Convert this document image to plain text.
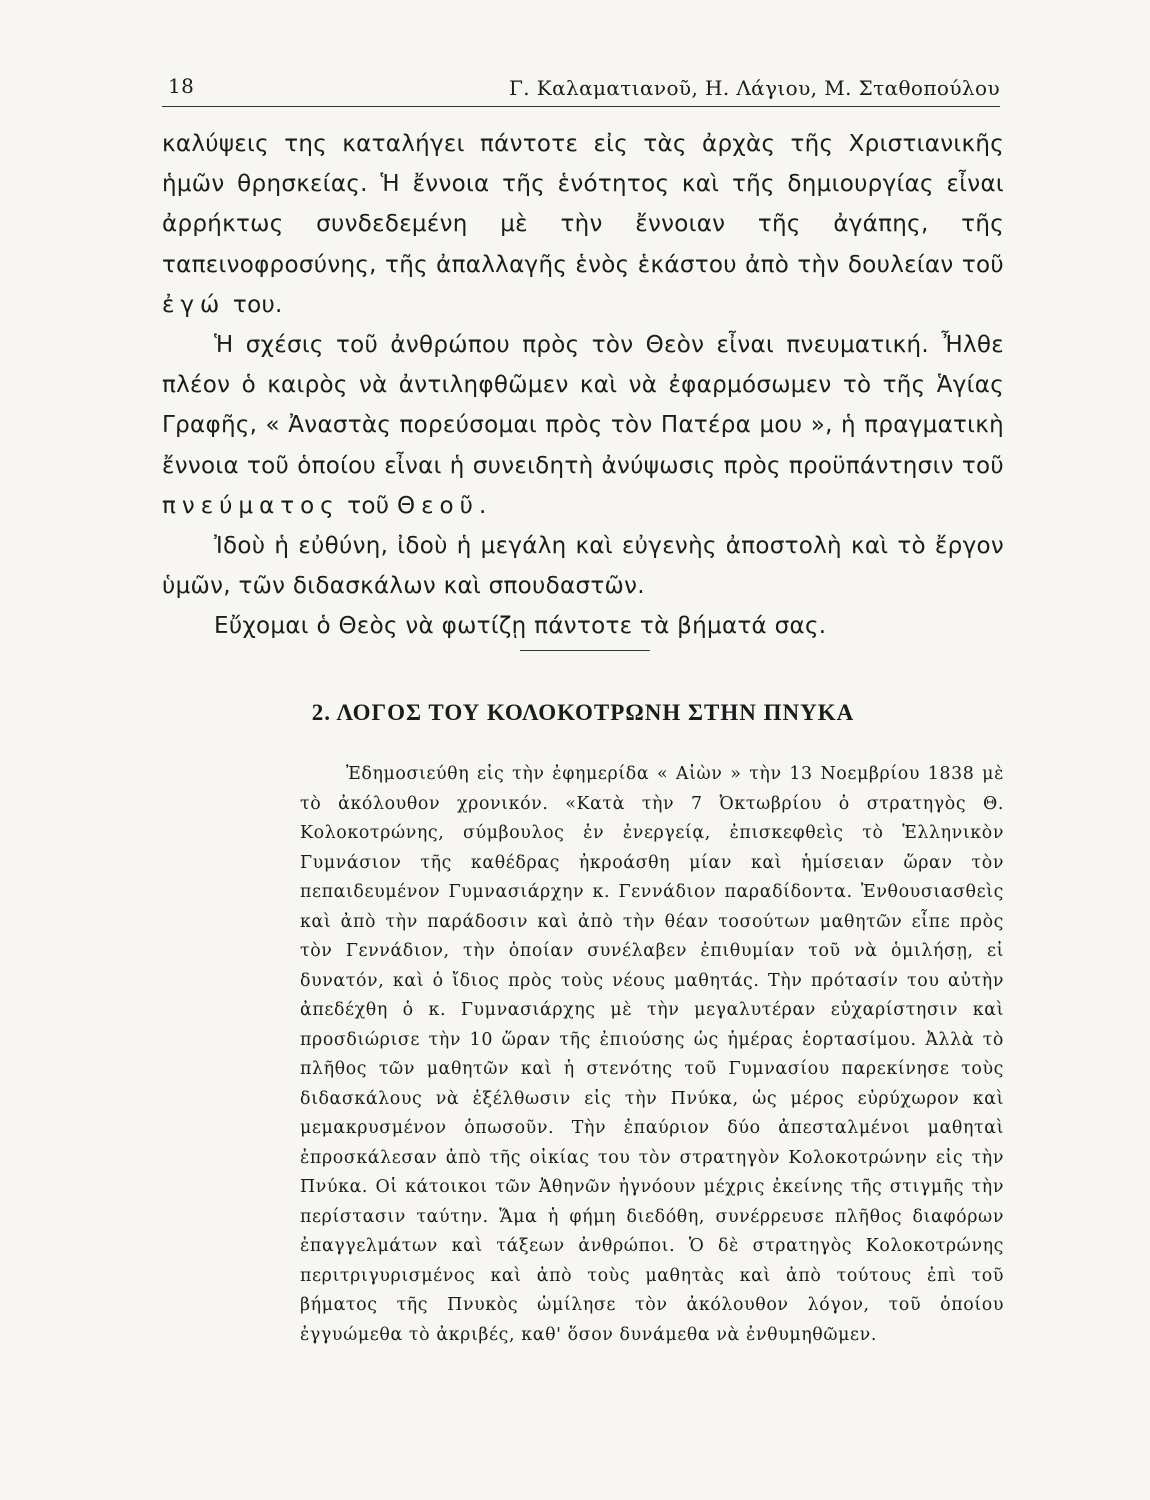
18	Γ. Καλαματιανοῦ, Η. Λάγιου, Μ. Σταθοπούλου

καλύψεις της καταλήγει πάντοτε εἰς τὰς ἀρχὰς τῆς Χριστιανικῆς ἡμῶν θρησκείας. Ἡ ἔννοια τῆς ἑνότητος καὶ τῆς δημιουργίας εἶναι ἀρρήκτως συνδεδεμένη μὲ τὴν ἔννοιαν τῆς ἀγάπης, τῆς ταπεινοφροσύνης, τῆς ἀπαλλαγῆς ἑνὸς ἑκάστου ἀπὸ τὴν δουλείαν τοῦ ἐγώ του.

Ἡ σχέσις τοῦ ἀνθρώπου πρὸς τὸν Θεὸν εἶναι πνευματική. Ἦλθε πλέον ὁ καιρὸς νὰ ἀντιληφθῶμεν καὶ νὰ ἐφαρμόσωμεν τὸ τῆς Ἁγίας Γραφῆς, « Ἀναστὰς πορεύσομαι πρὸς τὸν Πατέρα μου », ἡ πραγματικὴ ἔννοια τοῦ ὁποίου εἶναι ἡ συνειδητὴ ἀνύψωσις πρὸς προϋπάντησιν τοῦ πνεύματος τοῦ Θεοῦ.

Ἰδοὺ ἡ εὐθύνη, ἰδοὺ ἡ μεγάλη καὶ εὐγενὴς ἀποστολὴ καὶ τὸ ἔργον ὑμῶν, τῶν διδασκάλων καὶ σπουδαστῶν.

Εὔχομαι ὁ Θεὸς νὰ φωτίζῃ πάντοτε τὰ βήματά σας.

2. ΛΟΓΟΣ ΤΟΥ ΚΟΛΟΚΟΤΡΩΝΗ ΣΤΗΝ ΠΝΥΚΑ

Ἐδημοσιεύθη εἰς τὴν ἐφημερίδα « Αἰὼν » τὴν 13 Νοεμβρίου 1838 μὲ τὸ ἀκόλουθον χρονικόν. «Κατὰ τὴν 7 Ὀκτωβρίου ὁ στρατηγὸς Θ. Κολοκοτρώνης, σύμβουλος ἐν ἐνεργείᾳ, ἐπισκεφθεὶς τὸ Ἑλληνικὸν Γυμνάσιον τῆς καθέδρας ἠκροάσθη μίαν καὶ ἡμίσειαν ὥραν τὸν πεπαιδευμένον Γυμνασιάρχην κ. Γεννάδιον παραδίδοντα. Ἐνθουσιασθεὶς καὶ ἀπὸ τὴν παράδοσιν καὶ ἀπὸ τὴν θέαν τοσούτων μαθητῶν εἶπε πρὸς τὸν Γεννάδιον, τὴν ὁποίαν συνέλαβεν ἐπιθυμίαν τοῦ νὰ ὁμιλήσῃ, εἰ δυνατόν, καὶ ὁ ἴδιος πρὸς τοὺς νέους μαθητάς. Τὴν πρότασίν του αὐτὴν ἀπεδέχθη ὁ κ. Γυμνασιάρχης μὲ τὴν μεγαλυτέραν εὐχαρίστησιν καὶ προσδιώρισε τὴν 10 ὥραν τῆς ἐπιούσης ὡς ἡμέρας ἑορτασίμου. Ἀλλὰ τὸ πλῆθος τῶν μαθητῶν καὶ ἡ στενότης τοῦ Γυμνασίου παρεκίνησε τοὺς διδασκάλους νὰ ἐξέλθωσιν εἰς τὴν Πνύκα, ὡς μέρος εὐρύχωρον καὶ μεμακρυσμένον ὁπωσοῦν. Τὴν ἐπαύριον δύο ἀπεσταλμένοι μαθηταὶ ἐπροσκάλεσαν ἀπὸ τῆς οἰκίας του τὸν στρατηγὸν Κολοκοτρώνην εἰς τὴν Πνύκα. Οἱ κάτοικοι τῶν Ἀθηνῶν ἠγνόουν μέχρις ἐκείνης τῆς στιγμῆς τὴν περίστασιν ταύτην. Ἅμα ἡ φήμη διεδόθη, συνέρρευσε πλῆθος διαφόρων ἐπαγγελμάτων καὶ τάξεων ἀνθρώποι. Ὁ δὲ στρατηγὸς Κολοκοτρώνης περιτριγυρισμένος καὶ ἀπὸ τοὺς μαθητὰς καὶ ἀπὸ τούτους ἐπὶ τοῦ βήματος τῆς Πνυκὸς ὡμίλησε τὸν ἀκόλουθον λόγον, τοῦ ὁποίου ἐγγυώμεθα τὸ ἀκριβές, καθ' ὅσον δυνάμεθα νὰ ἐνθυμηθῶμεν.
